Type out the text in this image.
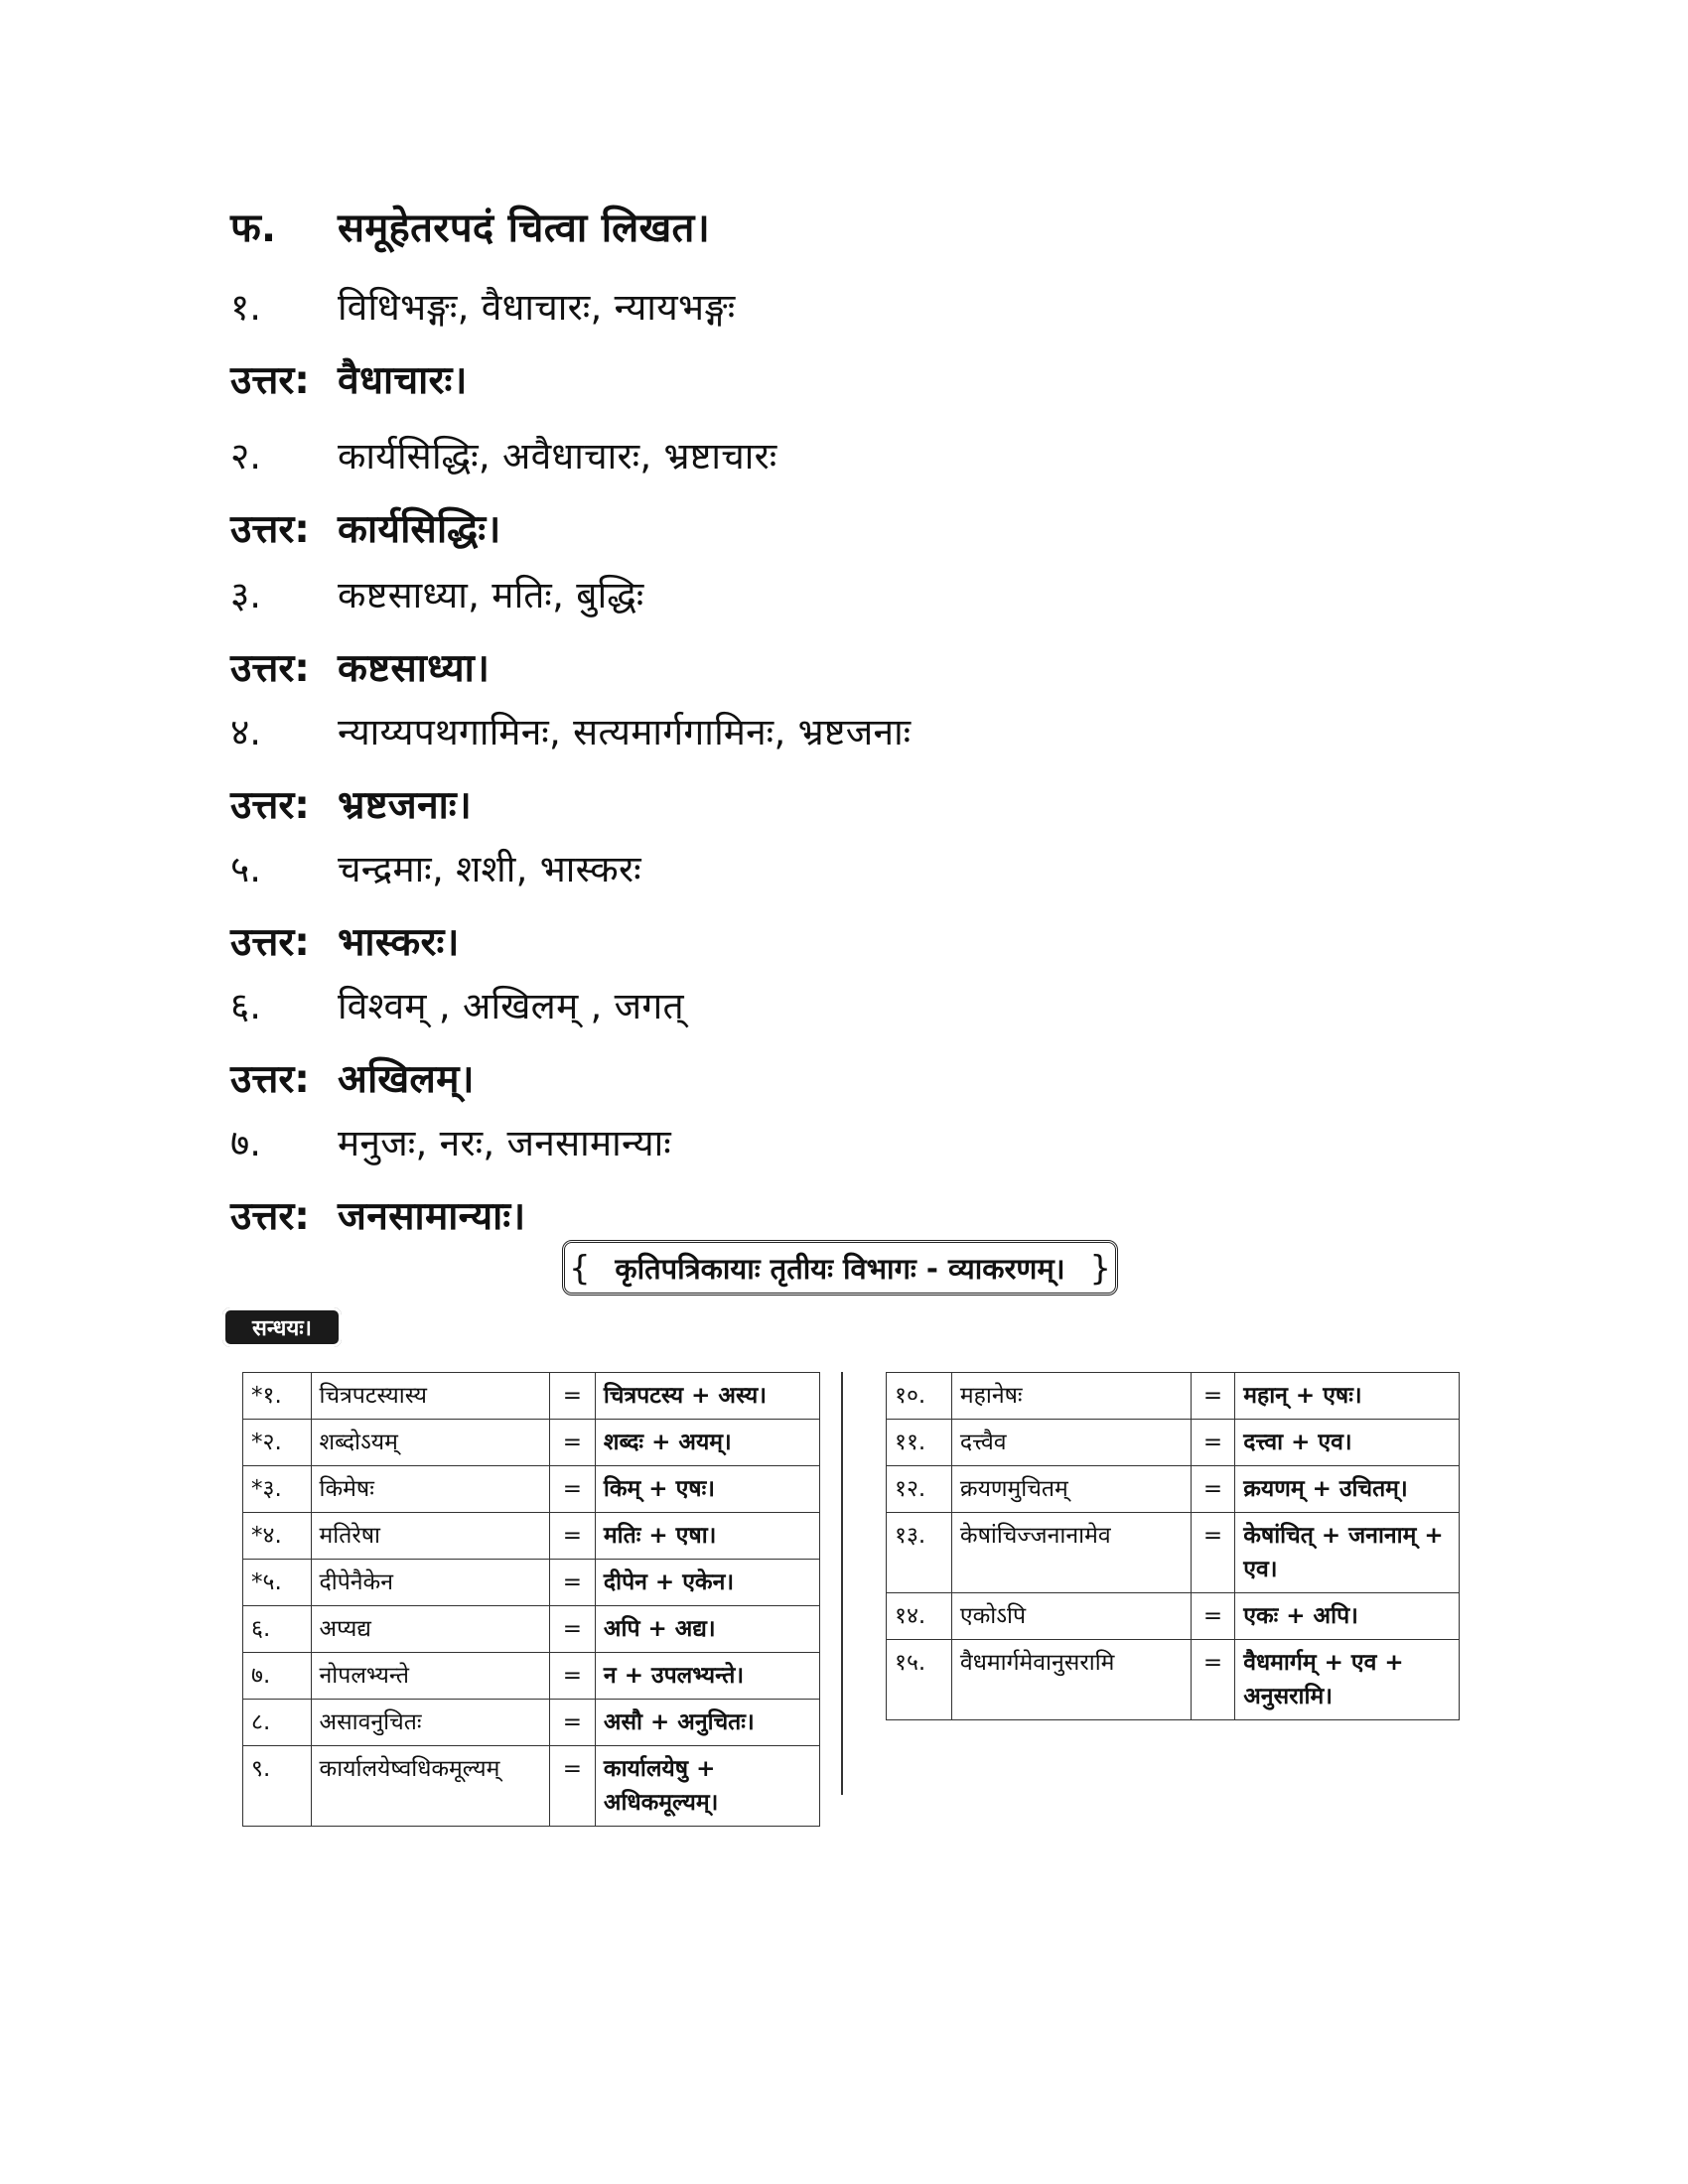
फ.	समूहेतरपदं चित्वा लिखत।
१.	विधिभङ्गः, वैधाचारः, न्यायभङ्गः
उत्तर: वैधाचारः।
२.	कार्यसिद्धिः, अवैधाचारः, भ्रष्टाचारः
उत्तर: कार्यसिद्धिः।
३.	कष्टसाध्या, मतिः, बुद्धिः
उत्तर: कष्टसाध्या।
४.	न्याय्यपथगामिनः, सत्यमार्गगामिनः, भ्रष्टजनाः
उत्तर: भ्रष्टजनाः।
५.	चन्द्रमाः, शशी, भास्करः
उत्तर: भास्करः।
६.	विश्वम् , अखिलम् , जगत्
उत्तर: अखिलम्।
७.	मनुजः, नरः, जनसामान्याः
उत्तर: जनसामान्याः।
{ कृतिपत्रिकायाः तृतीयः विभागः - व्याकरणम्। }
सन्धयः।
*१.	चित्रपटस्यास्य	=	चित्रपटस्य + अस्य।
*२.	शब्दोऽयम्	=	शब्दः + अयम्।
*३.	किमेषः	=	किम् + एषः।
*४.	मतिरेषा	=	मतिः + एषा।
*५.	दीपेनैकेन	=	दीपेन + एकेन।
६.	अप्यद्य	=	अपि + अद्य।
७.	नोपलभ्यन्ते	=	न + उपलभ्यन्ते।
८.	असावनुचितः	=	असौ + अनुचितः।
९.	कार्यालयेष्वधिकमूल्यम्	=	कार्यालयेषु + अधिकमूल्यम्।
१०.	महानेषः	=	महान् + एषः।
११.	दत्त्वैव	=	दत्त्वा + एव।
१२.	क्रयणमुचितम्	=	क्रयणम् + उचितम्।
१३.	केषांचिज्जनानामेव	=	केषांचित् + जनानाम् + एव।
१४.	एकोऽपि	=	एकः + अपि।
१५.	वैधमार्गमेवानुसरामि	=	वैधमार्गम् + एव + अनुसरामि।
